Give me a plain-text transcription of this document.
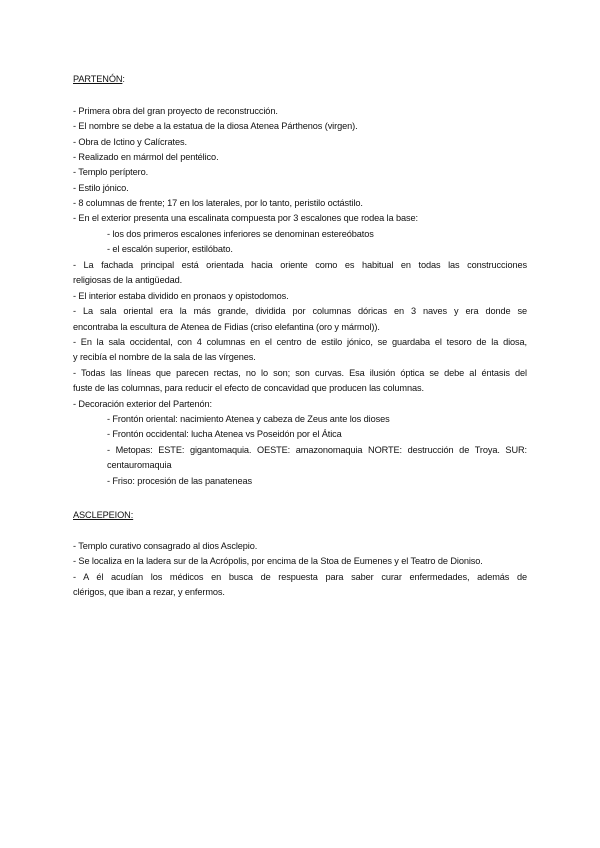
PARTENÓN:
- Primera obra del gran proyecto de reconstrucción.
- El nombre se debe a la estatua de la diosa Atenea Párthenos (virgen).
- Obra de Ictino y Calícrates.
- Realizado en mármol del pentélico.
- Templo períptero.
- Estilo jónico.
- 8 columnas de frente; 17 en los laterales, por lo tanto, peristilo octástilo.
- En el exterior presenta una escalinata compuesta por 3 escalones que rodea la base:
- los dos primeros escalones inferiores se denominan estereóbatos
- el escalón superior, estilóbato.
- La fachada principal está orientada hacia oriente como es habitual en todas las construcciones
religiosas de la antigüedad.
- El interior estaba dividido en pronaos y opistodomos.
- La sala oriental era la más grande, dividida por columnas dóricas en 3 naves y era donde se
encontraba la escultura de Atenea de Fidias (criso elefantina (oro y mármol)).
- En la sala occidental, con 4 columnas en el centro de estilo jónico, se guardaba el tesoro de la diosa,
y recibía el nombre de la sala de las vírgenes.
- Todas las líneas que parecen rectas, no lo son; son curvas. Esa ilusión óptica se debe al éntasis del
fuste de las columnas, para reducir el efecto de concavidad que producen las columnas.
- Decoración exterior del Partenón:
- Frontón oriental: nacimiento Atenea y cabeza de Zeus ante los dioses
- Frontón occidental: lucha Atenea vs Poseidón por el Ática
- Metopas: ESTE: gigantomaquia. OESTE: amazonomaquia NORTE: destrucción de Troya. SUR:
centauromaquia
- Friso: procesión de las panateneas
ASCLEPEION:
- Templo curativo consagrado al dios Asclepio.
- Se localiza en la ladera sur de la Acrópolis, por encima de la Stoa de Eumenes y el Teatro de Dioniso.
- A él acudían los médicos en busca de respuesta para saber curar enfermedades, además de
clérigos, que iban a rezar, y enfermos.
